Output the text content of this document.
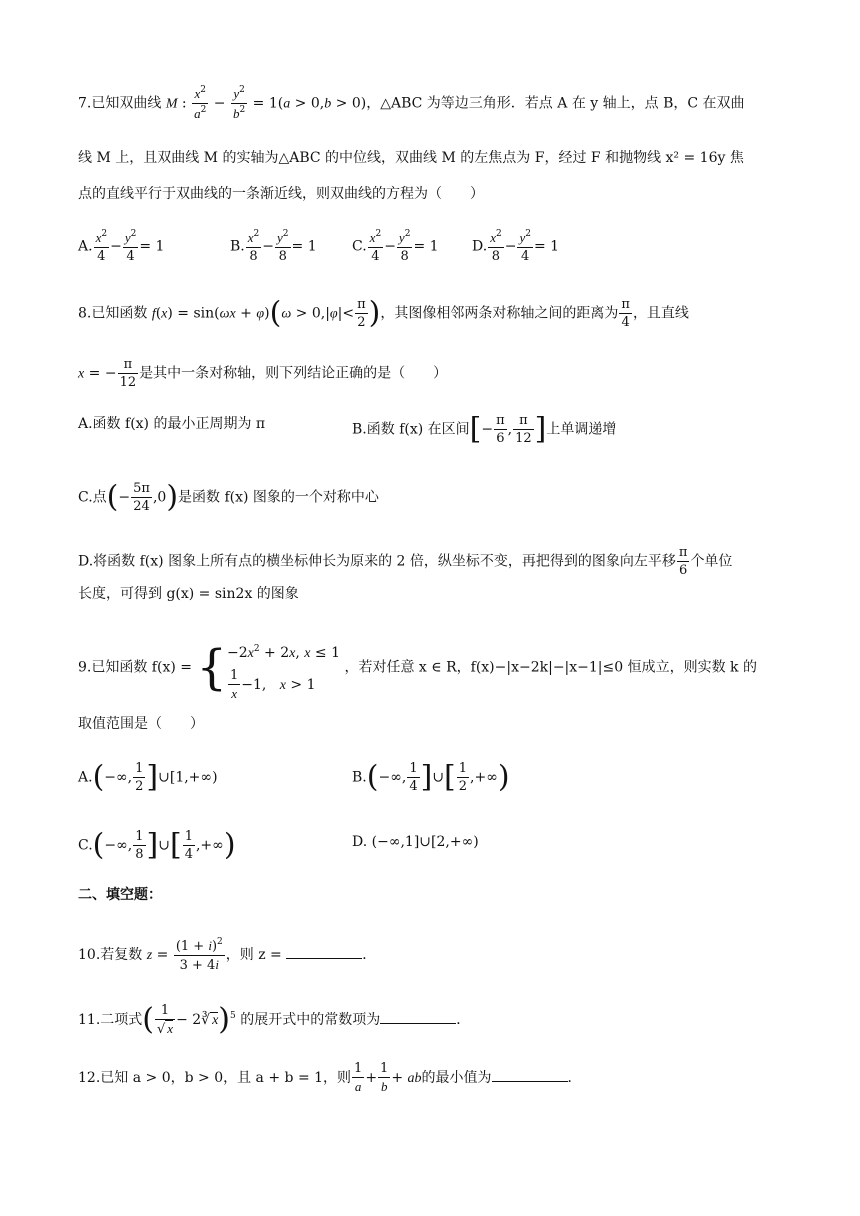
7.已知双曲线 M : $\frac{x^2}{a^2} - \frac{y^2}{b^2} = 1(a > 0,b > 0)$，△ABC 为等边三角形．若点 A 在 y 轴上，点 B，C 在双曲
线 M 上，且双曲线 M 的实轴为△ABC 的中位线，双曲线 M 的左焦点为 F，经过 F 和抛物线 x² = 16y 焦
点的直线平行于双曲线的一条渐近线，则双曲线的方程为（　　）
A. $\frac{x^2}{4} - \frac{y^2}{4} = 1$	B. $\frac{x^2}{8} - \frac{y^2}{8} = 1$	C. $\frac{x^2}{4} - \frac{y^2}{8} = 1$ D. $\frac{x^2}{8} - \frac{y^2}{4} = 1$
8.已知函数 $f(x) = \sin(\omega x + \varphi)(\omega > 0,|\varphi|< \frac{\pi}{2}$ )，其图像相邻两条对称轴之间的距离为 $\frac{\pi}{4}$ ，且直线
x = − $\frac{\pi}{12}$ 是其中一条对称轴，则下列结论正确的是（　　）
A.函数 f(x) 的最小正周期为 π	B.函数 f(x) 在区间[− $\frac{\pi}{6}$ , $\frac{\pi}{12}$ ]上单调递增
C.点(− $\frac{5\pi}{24} ,0$)是函数 f(x) 图象的一个对称中心
D.将函数 f(x) 图象上所有点的横坐标伸长为原来的 2 倍，纵坐标不变，再把得到的图象向左平移 $\frac{\pi}{6}$ 个单位
长度，可得到 g(x) = sin2x 的图象
9.已知函数 f(x) = { $-2x^2 + 2x$, x ≤ 1
$\frac{1}{x} -1$,   x > 1
，若对任意 x ∈ R，f(x)−|x−2k|−|x−1|≤0 恒成立，则实数 k 的
取值范围是（　　）
A.(−∞, $\frac{1}{2}$ ]∪[1,+∞)	B.(−∞, $\frac{1}{4}$ ]∪[ $\frac{1}{2}$ ,+∞)
C.(−∞, $\frac{1}{8}$ ]∪[ $\frac{1}{4}$ ,+∞)	D. (−∞,1]∪[2,+∞)
二、填空题：
10.若复数 $z = \frac{(1 + i)^2}{3 + 4i}$ ，则 z =	．
11.二项式( $\frac{1}{√ x}$ − 2∛ x)$^5$ 的展开式中的常数项为	．
12.已知 a > 0，b > 0，且 a + b = 1，则 $\frac{1}{a} + \frac{1}{b}$ + ab的最小值为	．
